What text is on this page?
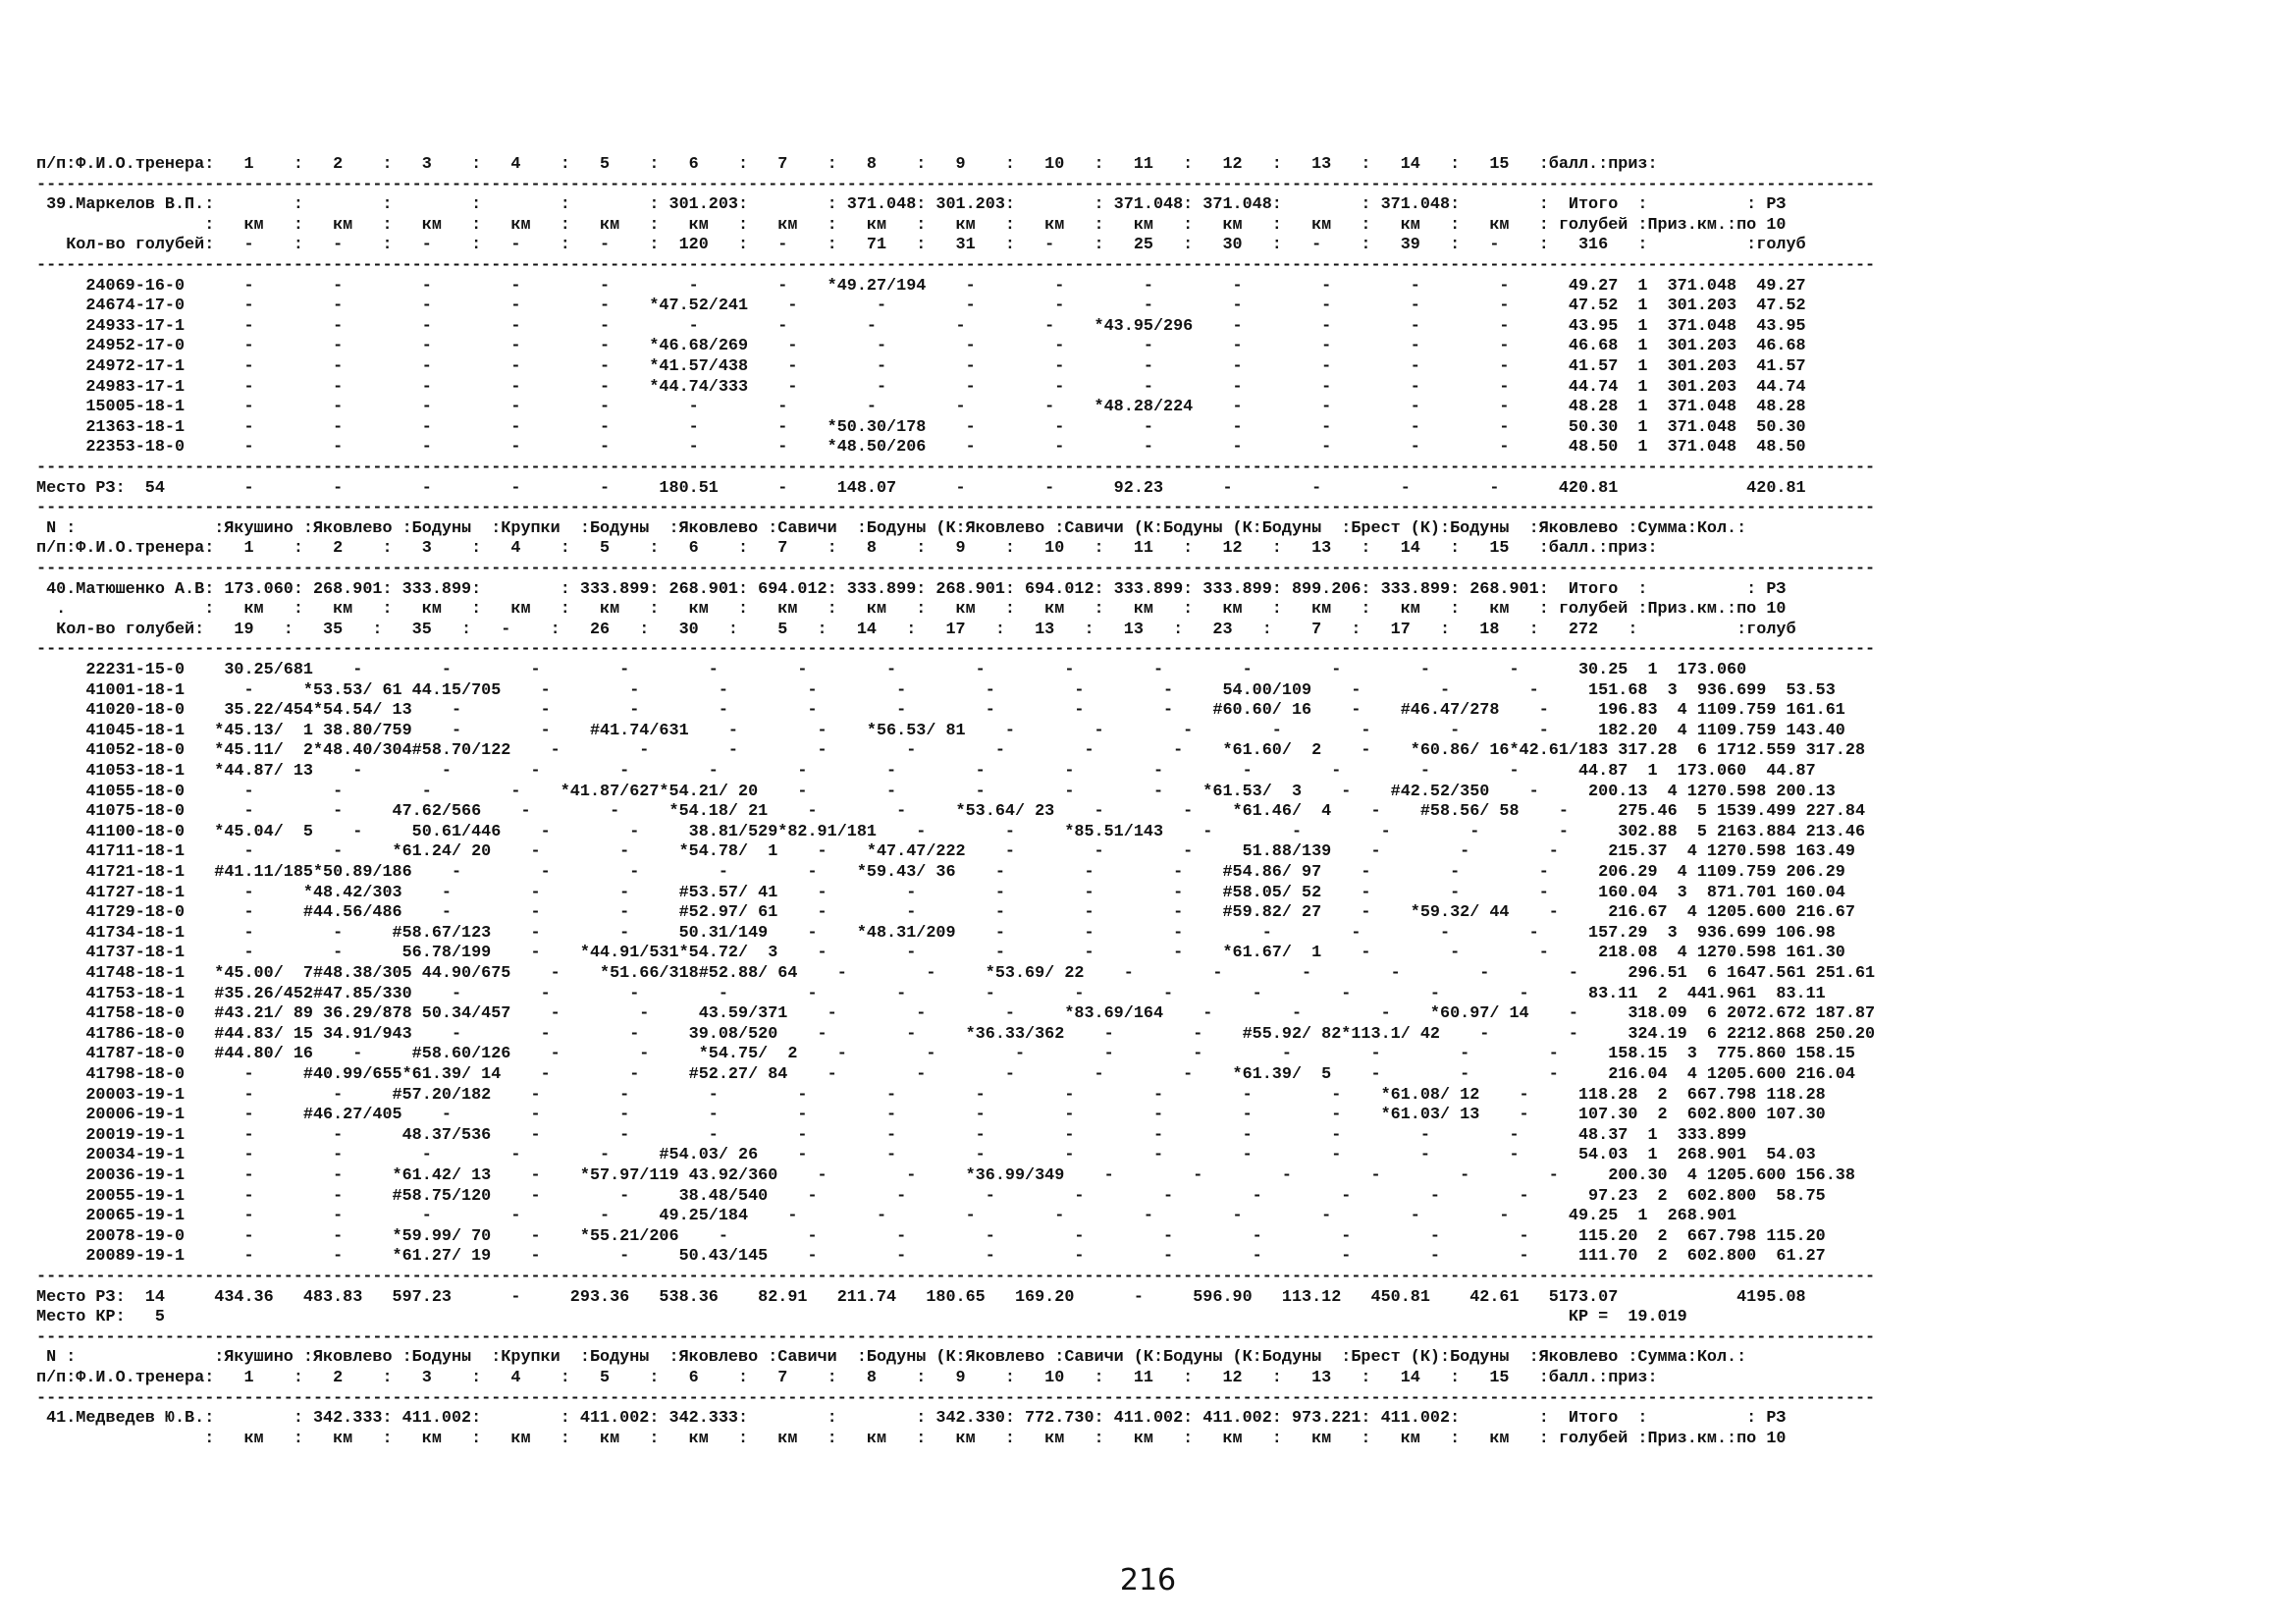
п/п:Ф.И.О.тренера:   1    :   2    :   3    :   4    :   5    :   6    :   7    :   8    :   9    :   10   :   11   :   12   :   13   :   14   :   15   :балл.:приз:
------------------------------------------------------------------------------------------------------------------------------------------------------------------------------------------
39.Маркелов В.П.:        :        :        :        :        : 301.203:        : 371.048: 301.203:        : 371.048: 371.048:        : 371.048:        :  Итого  :          : РЗ
:   км   :   км   :   км   :   км   :   км   :   км   :   км   :   км   :   км   :   км   :   км   :   км   :   км   :   км   :   км   : голубей :Приз.км.:по 10
Кол-во голубей:   -    :   -    :   -    :   -    :   -    :  120   :   -    :   71   :   31   :   -    :   25   :   30   :   -    :   39   :   -    :   316   :          :голуб
------------------------------------------------------------------------------------------------------------------------------------------------------------------------------------------
24069-16-0      -        -        -        -        -        -        -    *49.27/194    -        -        -        -        -        -        -      49.27  1  371.048  49.27
24674-17-0      -        -        -        -        -    *47.52/241    -        -        -        -        -        -        -        -        -      47.52  1  301.203  47.52
24933-17-1      -        -        -        -        -        -        -        -        -        -    *43.95/296    -        -        -        -      43.95  1  371.048  43.95
24952-17-0      -        -        -        -        -    *46.68/269    -        -        -        -        -        -        -        -        -      46.68  1  301.203  46.68
24972-17-1      -        -        -        -        -    *41.57/438    -        -        -        -        -        -        -        -        -      41.57  1  301.203  41.57
24983-17-1      -        -        -        -        -    *44.74/333    -        -        -        -        -        -        -        -        -      44.74  1  301.203  44.74
15005-18-1      -        -        -        -        -        -        -        -        -        -    *48.28/224    -        -        -        -      48.28  1  371.048  48.28
21363-18-1      -        -        -        -        -        -        -    *50.30/178    -        -        -        -        -        -        -      50.30  1  371.048  50.30
22353-18-0      -        -        -        -        -        -        -    *48.50/206    -        -        -        -        -        -        -      48.50  1  371.048  48.50
------------------------------------------------------------------------------------------------------------------------------------------------------------------------------------------
Место РЗ:  54        -        -        -        -        -     180.51      -     148.07      -        -      92.23      -        -        -        -      420.81             420.81
------------------------------------------------------------------------------------------------------------------------------------------------------------------------------------------
N :              :Якушино :Яковлево :Бодуны  :Крупки  :Бодуны  :Яковлево :Савичи  :Бодуны (К:Яковлево :Савичи (К:Бодуны (К:Бодуны  :Брест (К):Бодуны  :Яковлево :Сумма:Кол.:
п/п:Ф.И.О.тренера:   1    :   2    :   3    :   4    :   5    :   6    :   7    :   8    :   9    :   10   :   11   :   12   :   13   :   14   :   15   :балл.:приз:
------------------------------------------------------------------------------------------------------------------------------------------------------------------------------------------
40.Матюшенко А.В: 173.060: 268.901: 333.899:        : 333.899: 268.901: 694.012: 333.899: 268.901: 694.012: 333.899: 333.899: 899.206: 333.899: 268.901:  Итого  :          : РЗ
.              :   км   :   км   :   км   :   км   :   км   :   км   :   км   :   км   :   км   :   км   :   км   :   км   :   км   :   км   :   км   : голубей :Приз.км.:по 10
Кол-во голубей:   19   :   35   :   35   :   -    :   26   :   30   :    5   :   14   :   17   :   13   :   13   :   23   :    7   :   17   :   18   :   272   :          :голуб
------------------------------------------------------------------------------------------------------------------------------------------------------------------------------------------
22231-15-0    30.25/681    -        -        -        -        -        -        -        -        -        -        -        -        -        -      30.25  1  173.060
41001-18-1      -     *53.53/ 61 44.15/705    -        -        -        -        -        -        -        -     54.00/109    -        -        -     151.68  3  936.699  53.53
41020-18-0    35.22/454*54.54/ 13    -        -        -        -        -        -        -        -        -    #60.60/ 16    -    #46.47/278    -     196.83  4 1109.759 161.61
41045-18-1   *45.13/  1 38.80/759    -        -    #41.74/631    -        -    *56.53/ 81    -        -        -        -        -        -        -     182.20  4 1109.759 143.40
41052-18-0   *45.11/  2*48.40/304#58.70/122    -        -        -        -        -        -        -        -    *61.60/  2    -    *60.86/ 16*42.61/183 317.28  6 1712.559 317.28
41053-18-1   *44.87/ 13    -        -        -        -        -        -        -        -        -        -        -        -        -        -      44.87  1  173.060  44.87
41055-18-0      -        -        -        -    *41.87/627*54.21/ 20    -        -        -        -        -    *61.53/  3    -    #42.52/350    -     200.13  4 1270.598 200.13
41075-18-0      -        -     47.62/566    -        -     *54.18/ 21    -        -     *53.64/ 23    -        -    *61.46/  4    -    #58.56/ 58    -     275.46  5 1539.499 227.84
41100-18-0   *45.04/  5    -     50.61/446    -        -     38.81/529*82.91/181    -        -     *85.51/143    -        -        -        -        -     302.88  5 2163.884 213.46
41711-18-1      -        -     *61.24/ 20    -        -     *54.78/  1    -    *47.47/222    -        -        -     51.88/139    -        -        -     215.37  4 1270.598 163.49
41721-18-1   #41.11/185*50.89/186    -        -        -        -        -    *59.43/ 36    -        -        -    #54.86/ 97    -        -        -     206.29  4 1109.759 206.29
41727-18-1      -     *48.42/303    -        -        -     #53.57/ 41    -        -        -        -        -    #58.05/ 52    -        -        -     160.04  3  871.701 160.04
41729-18-0      -     #44.56/486    -        -        -     #52.97/ 61    -        -        -        -        -    #59.82/ 27    -    *59.32/ 44    -     216.67  4 1205.600 216.67
41734-18-1      -        -     #58.67/123    -        -     50.31/149    -    *48.31/209    -        -        -        -        -        -        -     157.29  3  936.699 106.98
41737-18-1      -        -      56.78/199    -    *44.91/531*54.72/  3    -        -        -        -        -    *61.67/  1    -        -        -     218.08  4 1270.598 161.30
41748-18-1   *45.00/  7#48.38/305 44.90/675    -    *51.66/318#52.88/ 64    -        -     *53.69/ 22    -        -        -        -        -        -     296.51  6 1647.561 251.61
41753-18-1   #35.26/452#47.85/330    -        -        -        -        -        -        -        -        -        -        -        -        -      83.11  2  441.961  83.11
41758-18-0   #43.21/ 89 36.29/878 50.34/457    -        -     43.59/371    -        -        -     *83.69/164    -        -        -    *60.97/ 14    -     318.09  6 2072.672 187.87
41786-18-0   #44.83/ 15 34.91/943    -        -        -     39.08/520    -        -     *36.33/362    -        -    #55.92/ 82*113.1/ 42    -        -     324.19  6 2212.868 250.20
41787-18-0   #44.80/ 16    -     #58.60/126    -        -     *54.75/  2    -        -        -        -        -        -        -        -        -     158.15  3  775.860 158.15
41798-18-0      -     #40.99/655*61.39/ 14    -        -     #52.27/ 84    -        -        -        -        -    *61.39/  5    -        -        -     216.04  4 1205.600 216.04
20003-19-1      -        -     #57.20/182    -        -        -        -        -        -        -        -        -        -    *61.08/ 12    -     118.28  2  667.798 118.28
20006-19-1      -     #46.27/405    -        -        -        -        -        -        -        -        -        -        -    *61.03/ 13    -     107.30  2  602.800 107.30
20019-19-1      -        -      48.37/536    -        -        -        -        -        -        -        -        -        -        -        -      48.37  1  333.899
20034-19-1      -        -        -        -        -     #54.03/ 26    -        -        -        -        -        -        -        -        -      54.03  1  268.901  54.03
20036-19-1      -        -     *61.42/ 13    -    *57.97/119 43.92/360    -        -     *36.99/349    -        -        -        -        -        -     200.30  4 1205.600 156.38
20055-19-1      -        -     #58.75/120    -        -     38.48/540    -        -        -        -        -        -        -        -        -      97.23  2  602.800  58.75
20065-19-1      -        -        -        -        -     49.25/184    -        -        -        -        -        -        -        -        -      49.25  1  268.901
20078-19-0      -        -     *59.99/ 70    -    *55.21/206    -        -        -        -        -        -        -        -        -        -     115.20  2  667.798 115.20
20089-19-1      -        -     *61.27/ 19    -        -     50.43/145    -        -        -        -        -        -        -        -        -     111.70  2  602.800  61.27
------------------------------------------------------------------------------------------------------------------------------------------------------------------------------------------
Место РЗ:  14     434.36   483.83   597.23      -     293.36   538.36    82.91   211.74   180.65   169.20      -     596.90   113.12   450.81    42.61   5173.07            4195.08
Место КР:   5                                                                                                                                              КР =  19.019
------------------------------------------------------------------------------------------------------------------------------------------------------------------------------------------
N :              :Якушино :Яковлево :Бодуны  :Крупки  :Бодуны  :Яковлево :Савичи  :Бодуны (К:Яковлево :Савичи (К:Бодуны (К:Бодуны  :Брест (К):Бодуны  :Яковлево :Сумма:Кол.:
п/п:Ф.И.О.тренера:   1    :   2    :   3    :   4    :   5    :   6    :   7    :   8    :   9    :   10   :   11   :   12   :   13   :   14   :   15   :балл.:приз:
------------------------------------------------------------------------------------------------------------------------------------------------------------------------------------------
41.Медведев Ю.В.:        : 342.333: 411.002:        : 411.002: 342.333:        :        : 342.330: 772.730: 411.002: 411.002: 973.221: 411.002:        :  Итого  :          : РЗ
:   км   :   км   :   км   :   км   :   км   :   км   :   км   :   км   :   км   :   км   :   км   :   км   :   км   :   км   :   км   : голубей :Приз.км.:по 10
216
